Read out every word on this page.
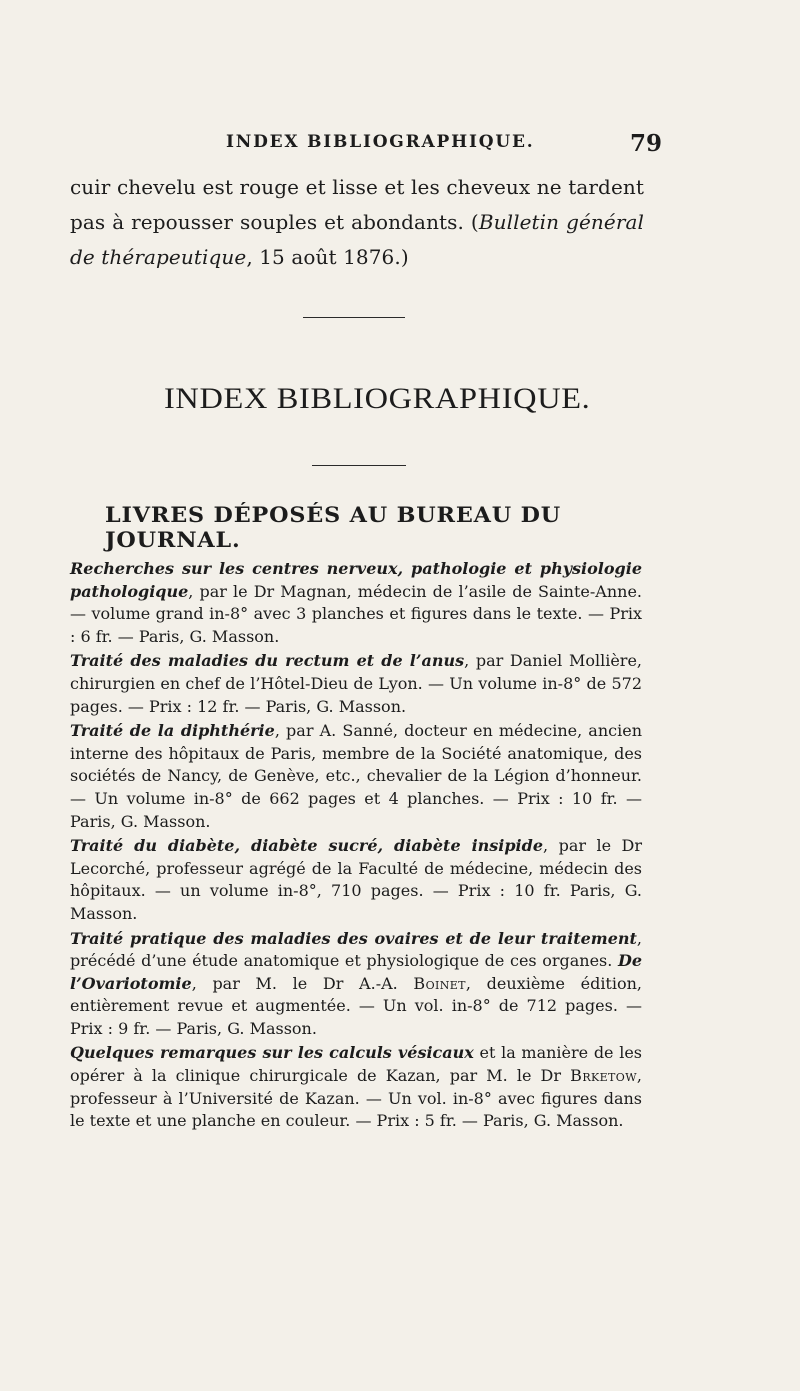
INDEX BIBLIOGRAPHIQUE.	79
cuir chevelu est rouge et lisse et les cheveux ne tardent pas à repousser souples et abondants. (Bulletin général de thérapeutique, 15 août 1876.)
INDEX BIBLIOGRAPHIQUE.
LIVRES DÉPOSÉS AU BUREAU DU JOURNAL.

Recherches sur les centres nerveux, pathologie et physiologie pathologique, par le Dr Magnan, médecin de l’asile de Sainte-Anne. — volume grand in-8° avec 3 planches et figures dans le texte. — Prix : 6 fr. — Paris, G. Masson.

Traité des maladies du rectum et de l’anus, par Daniel Mollière, chirurgien en chef de l’Hôtel-Dieu de Lyon. — Un volume in-8° de 572 pages. — Prix : 12 fr. — Paris, G. Masson.

Traité de la diphthérie, par A. Sanné, docteur en médecine, ancien interne des hôpitaux de Paris, membre de la Société anatomique, des sociétés de Nancy, de Genève, etc., chevalier de la Légion d’honneur. — Un volume in-8° de 662 pages et 4 planches. — Prix : 10 fr. — Paris, G. Masson.

Traité du diabète, diabète sucré, diabète insipide, par le Dr Lecorché, professeur agrégé de la Faculté de médecine, médecin des hôpitaux. — un volume in-8°, 710 pages. — Prix : 10 fr. Paris, G. Masson.

Traité pratique des maladies des ovaires et de leur traitement, précédé d’une étude anatomique et physiologique de ces organes. De l’Ovariotomie, par M. le Dr A.-A. Boinet, deuxième édition, entièrement revue et augmentée. — Un vol. in-8° de 712 pages. — Prix : 9 fr. — Paris, G. Masson.

Quelques remarques sur les calculs vésicaux et la manière de les opérer à la clinique chirurgicale de Kazan, par M. le Dr Brketow, professeur à l’Université de Kazan. — Un vol. in-8° avec figures dans le texte et une planche en couleur. — Prix : 5 fr. — Paris, G. Masson.
